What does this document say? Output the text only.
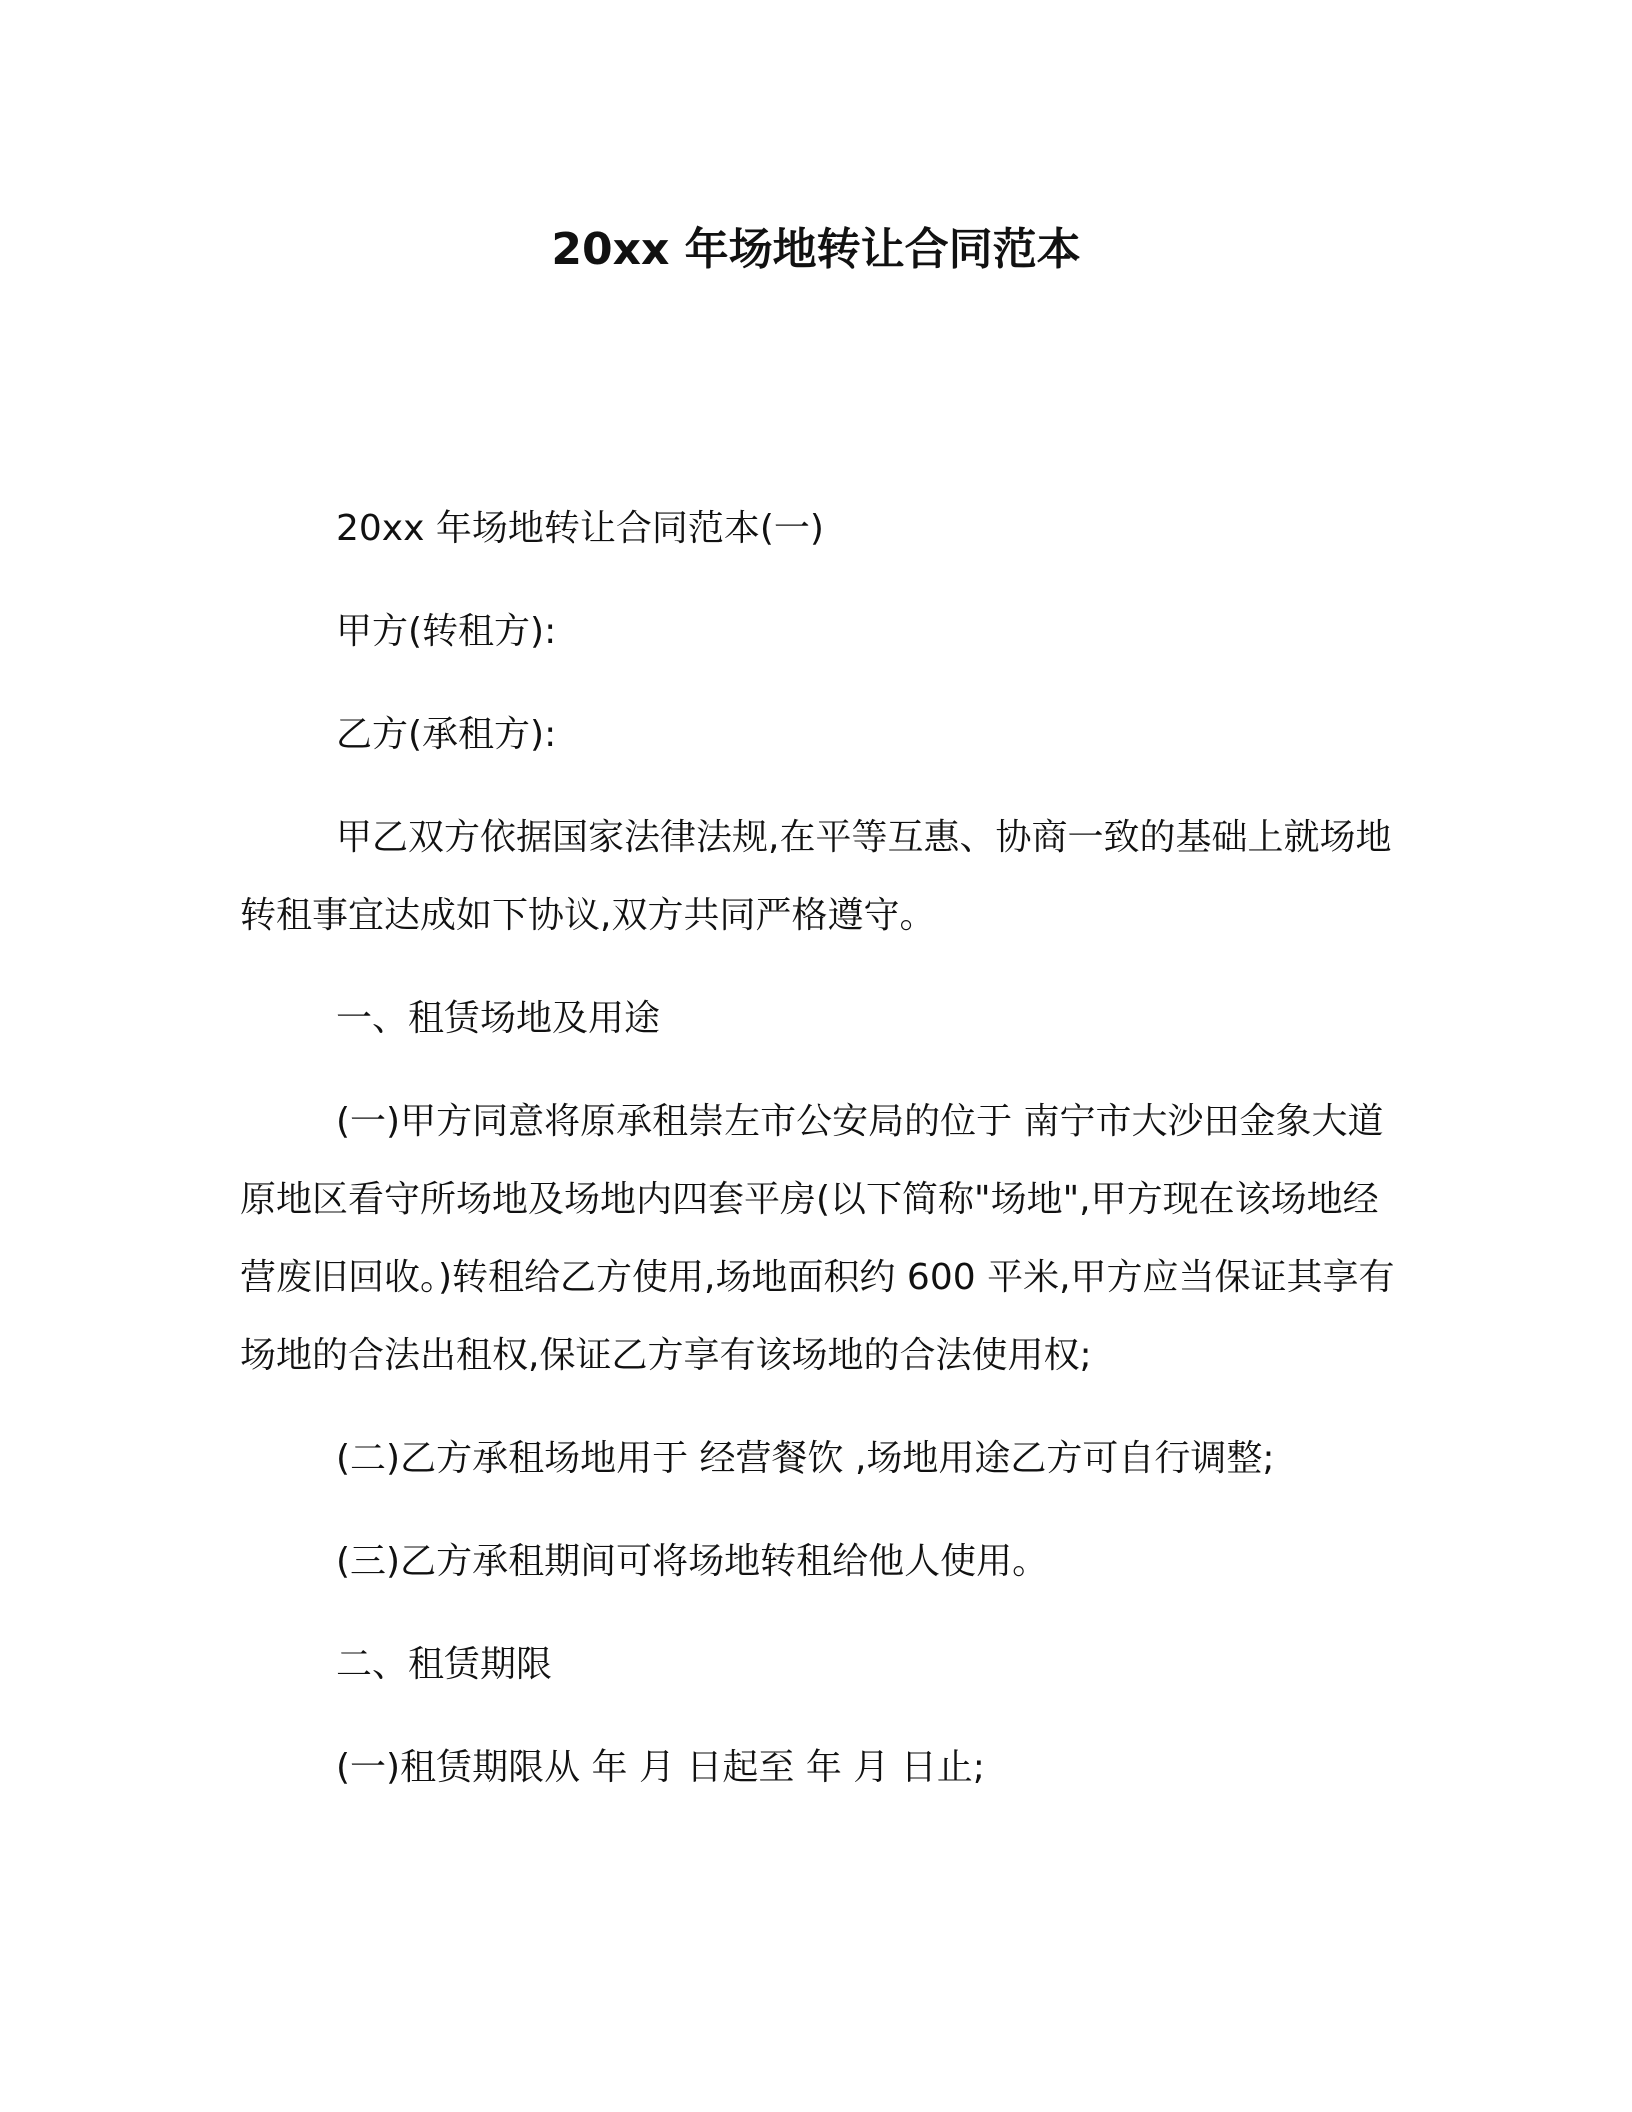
20xx 年场地转让合同范本

20xx 年场地转让合同范本(一)

甲方(转租方):

乙方(承租方):

甲乙双方依据国家法律法规,在平等互惠、协商一致的基础上就场地转租事宜达成如下协议,双方共同严格遵守。

一、租赁场地及用途

(一)甲方同意将原承租崇左市公安局的位于 南宁市大沙田金象大道原地区看守所场地及场地内四套平房(以下简称"场地",甲方现在该场地经营废旧回收。)转租给乙方使用,场地面积约 600 平米,甲方应当保证其享有场地的合法出租权,保证乙方享有该场地的合法使用权;

(二)乙方承租场地用于 经营餐饮 ,场地用途乙方可自行调整;

(三)乙方承租期间可将场地转租给他人使用。

二、租赁期限

(一)租赁期限从 年 月 日起至 年 月 日止;
